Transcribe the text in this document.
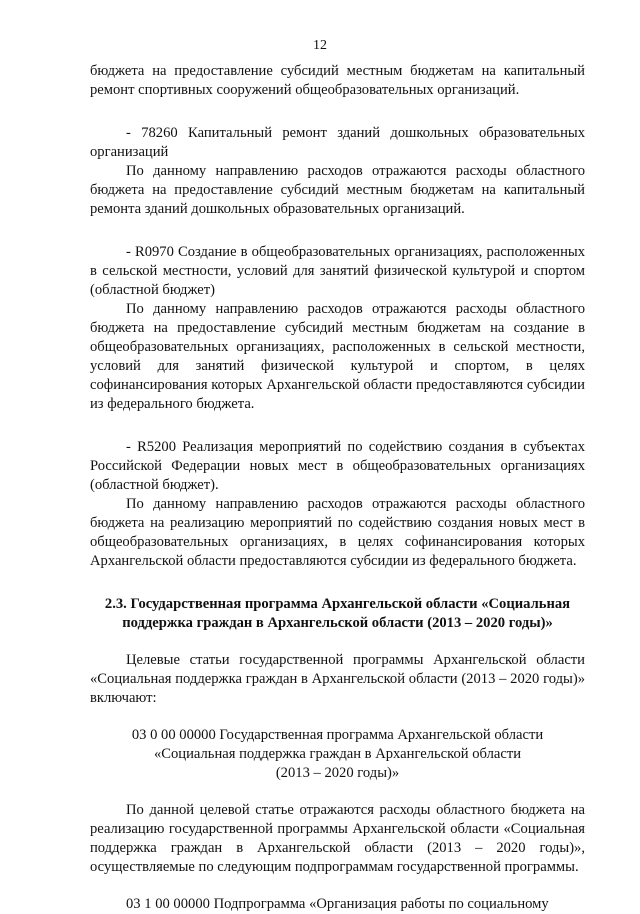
12

бюджета на предоставление субсидий местным бюджетам на капитальный ремонт спортивных сооружений общеобразовательных организаций.

- 78260 Капитальный ремонт зданий дошкольных образовательных организаций

По данному направлению расходов отражаются расходы областного бюджета на предоставление субсидий местным бюджетам на капитальный ремонта зданий дошкольных образовательных организаций.

- R0970 Создание в общеобразовательных организациях, расположенных в сельской местности, условий для занятий физической культурой и спортом (областной бюджет)

По данному направлению расходов отражаются расходы областного бюджета на предоставление субсидий местным бюджетам на создание в общеобразовательных организациях, расположенных в сельской местности, условий для занятий физической культурой и спортом, в целях софинансирования которых Архангельской области предоставляются субсидии из федерального бюджета.

- R5200 Реализация мероприятий по содействию создания в субъектах Российской Федерации новых мест в общеобразовательных организациях (областной бюджет).

По данному направлению расходов отражаются расходы областного бюджета на реализацию мероприятий по содействию создания новых мест в общеобразовательных организациях, в целях софинансирования которых Архангельской области предоставляются субсидии из федерального бюджета.

2.3. Государственная программа Архангельской области «Социальная

поддержка граждан в Архангельской области (2013 – 2020 годы)»

Целевые статьи государственной программы Архангельской области «Социальная поддержка граждан в Архангельской области (2013 – 2020 годы)» включают:

03 0 00 00000 Государственная программа Архангельской области

«Социальная поддержка граждан в Архангельской области

(2013 – 2020 годы)»

По данной целевой статье отражаются расходы областного бюджета на реализацию государственной программы Архангельской области «Социальная поддержка граждан в Архангельской области (2013 – 2020 годы)», осуществляемые по следующим подпрограммам государственной программы.

03 1 00 00000 Подпрограмма «Организация работы по социальному
